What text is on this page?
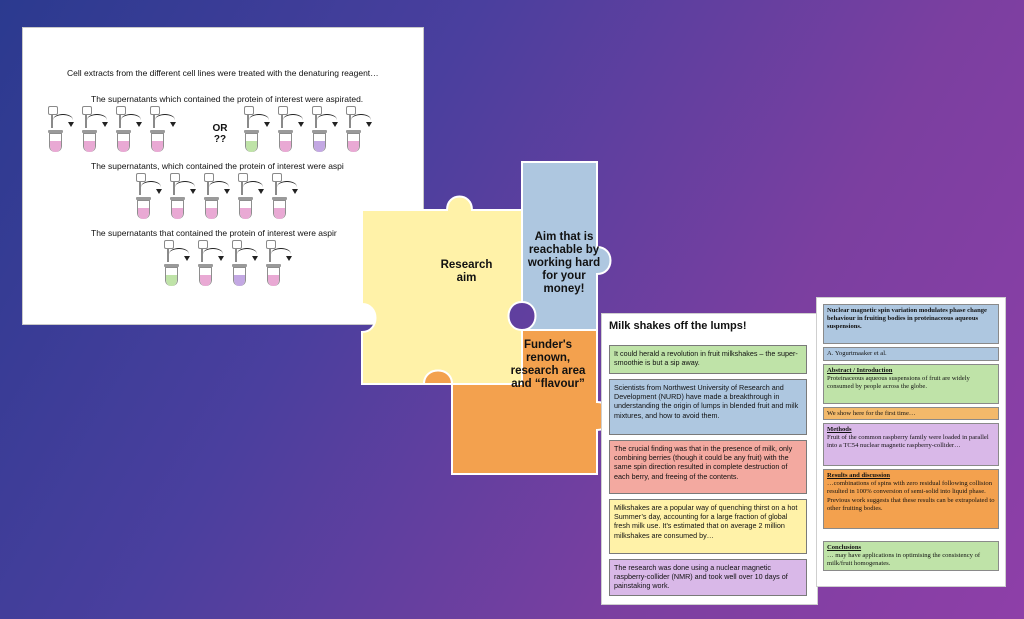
Cell extracts from the different cell lines were treated with the denaturing reagent…
The supernatants which contained the protein of interest were aspirated.
The supernatants, which contained the protein of interest were aspi
The supernatants that contained the protein of interest were aspir
OR
??
Research
aim
Aim that is
reachable by
working hard
for your
money!
Funder's
renown,
research area
and “flavour”
Milk shakes off the lumps!
It could herald a revolution in fruit milkshakes – the super-smoothie is but a sip away.
Scientists from Northwest University of Research and Development (NURD) have made a breakthrough in understanding the origin of lumps in blended fruit and milk mixtures, and how to avoid them.
The crucial finding was that in the presence of milk, only combining berries (though it could be any fruit) with the same spin direction resulted in complete destruction of each berry, and freeing of the contents.
Milkshakes are a popular way of quenching thirst on a hot Summer’s day, accounting for a large fraction of global fresh milk use. It’s estimated that on average 2 million milkshakes are consumed by…
The research was done using a nuclear magnetic raspberry-collider (NMR) and took well over 10 days of painstaking work.
Nuclear magnetic spin variation modulates phase change behaviour in fruiting bodies in proteinaceous aqueous suspensions.
A. Yogurtmaaker et al.
Abstract / Introduction
Proteinaceous aqueous suspensions of fruit are widely consumed by people across the globe.
We show here for the first time…
Methods
Fruit of the common raspberry family were loaded in parallel into a TC54 nuclear magnetic raspberry-collider…
Results and discussion
…combinations of spins with zero residual following collision resulted in 100% conversion of semi-solid into liquid phase. Previous work suggests that these results can be extrapolated to other fruiting bodies.
Conclusions
… may have applications in optimising the consistency of milk/fruit homogenates.
